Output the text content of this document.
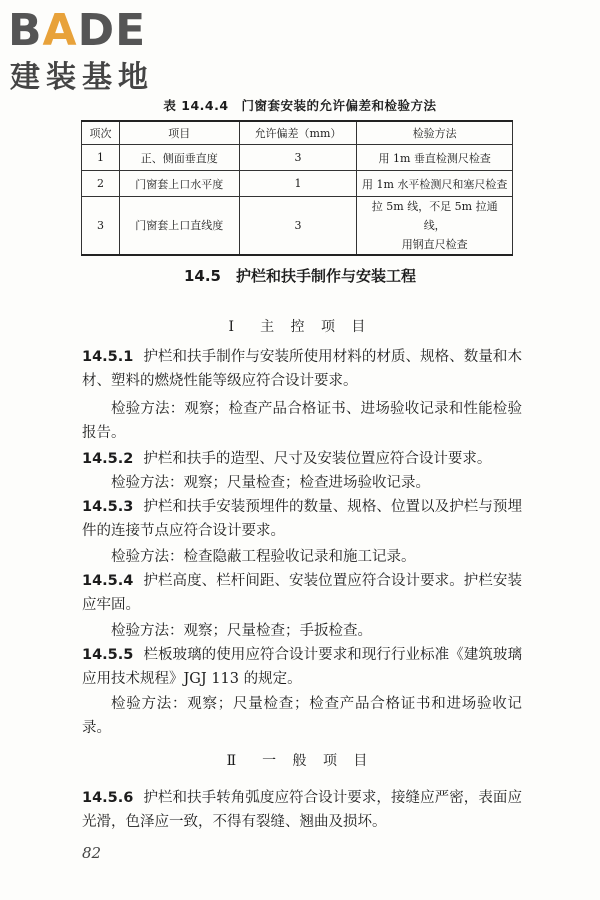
BADE
建装基地
表 14.4.4　门窗套安装的允许偏差和检验方法
项次	项目	允许偏差（mm）	检验方法
1	正、侧面垂直度	3	用 1m 垂直检测尺检查
2	门窗套上口水平度	1	用 1m 水平检测尺和塞尺检查
3	门窗套上口直线度	3	拉 5m 线，不足 5m 拉通线，
用钢直尺检查
14.5　护栏和扶手制作与安装工程
Ⅰ　主 控 项 目
14.5.1 护栏和扶手制作与安装所使用材料的材质、规格、数量和木材、塑料的燃烧性能等级应符合设计要求。
检验方法：观察；检查产品合格证书、进场验收记录和性能检验报告。
14.5.2 护栏和扶手的造型、尺寸及安装位置应符合设计要求。
检验方法：观察；尺量检查；检查进场验收记录。
14.5.3 护栏和扶手安装预埋件的数量、规格、位置以及护栏与预埋件的连接节点应符合设计要求。
检验方法：检查隐蔽工程验收记录和施工记录。
14.5.4 护栏高度、栏杆间距、安装位置应符合设计要求。护栏安装应牢固。
检验方法：观察；尺量检查；手扳检查。
14.5.5 栏板玻璃的使用应符合设计要求和现行行业标准《建筑玻璃应用技术规程》JGJ 113 的规定。
检验方法：观察；尺量检查；检查产品合格证书和进场验收记录。
Ⅱ　一 般 项 目
14.5.6 护栏和扶手转角弧度应符合设计要求，接缝应严密，表面应光滑，色泽应一致，不得有裂缝、翘曲及损坏。
82
